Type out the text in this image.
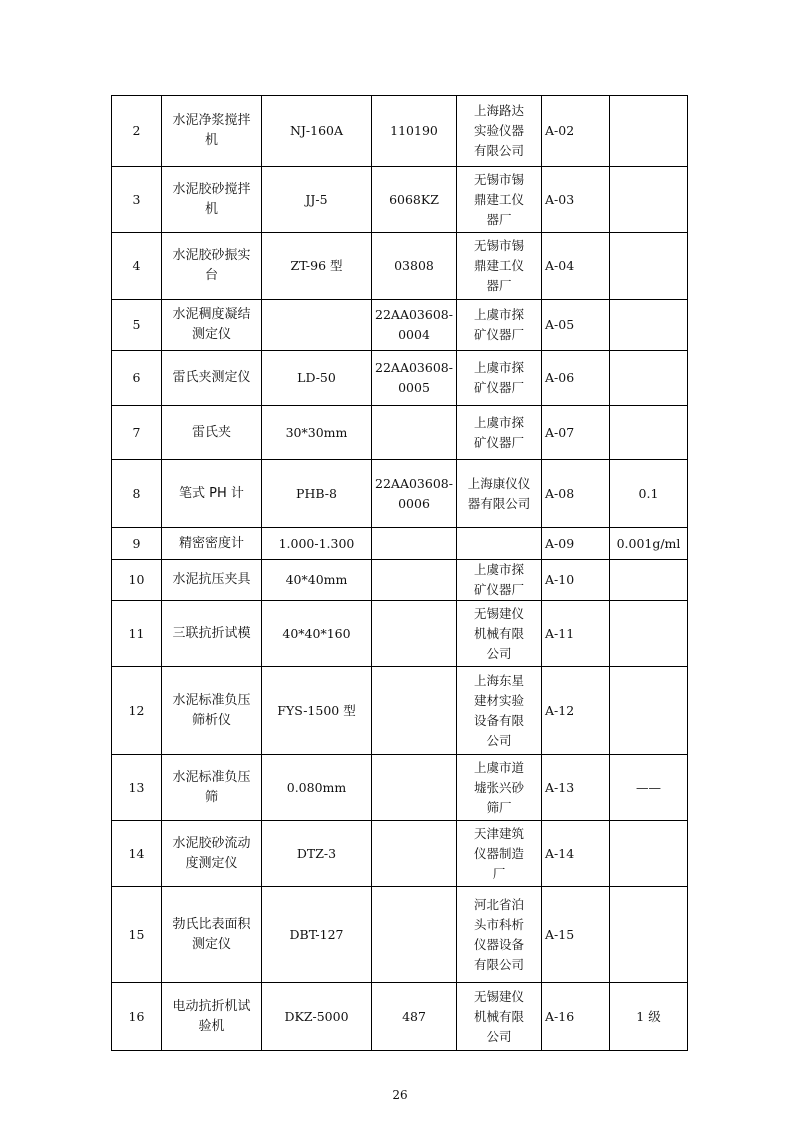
2	水泥净浆搅拌
机	NJ-160A	110190	上海路达
实验仪器
有限公司	A-02	
3	水泥胶砂搅拌
机	JJ-5	6068KZ	无锡市锡
鼎建工仪
器厂	A-03	
4	水泥胶砂振实
台	ZT-96 型	03808	无锡市锡
鼎建工仪
器厂	A-04	
5	水泥稠度凝结
测定仪		22AA03608-
0004	上虞市探
矿仪器厂	A-05	
6	雷氏夹测定仪	LD-50	22AA03608-
0005	上虞市探
矿仪器厂	A-06	
7	雷氏夹	30*30mm		上虞市探
矿仪器厂	A-07	
8	笔式 PH 计	PHB-8	22AA03608-
0006	上海康仪仪
器有限公司	A-08	0.1
9	精密密度计	1.000-1.300			A-09	0.001g/ml
10	水泥抗压夹具	40*40mm		上虞市探
矿仪器厂	A-10	
11	三联抗折试模	40*40*160		无锡建仪
机械有限
公司	A-11	
12	水泥标准负压
筛析仪	FYS-1500 型		上海东星
建材实验
设备有限
公司	A-12	
13	水泥标准负压
筛	0.080mm		上虞市道
墟张兴砂
筛厂	A-13	——
14	水泥胶砂流动
度测定仪	DTZ-3		天津建筑
仪器制造
厂	A-14	
15	勃氏比表面积
测定仪	DBT-127		河北省泊
头市科析
仪器设备
有限公司	A-15	
16	电动抗折机试
验机	DKZ-5000	487	无锡建仪
机械有限
公司	A-16	1 级
26
